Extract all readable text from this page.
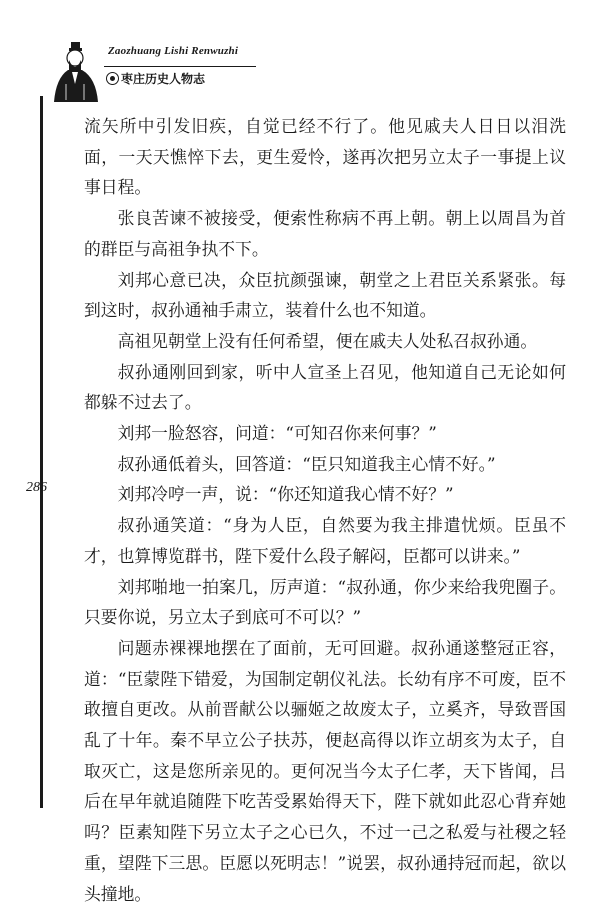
Zaozhuang Lishi Renwuzhi
枣庄历史人物志
286

流矢所中引发旧疾，自觉已经不行了。他见戚夫人日日以泪洗面，一天天憔悴下去，更生爱怜，遂再次把另立太子一事提上议事日程。

张良苦谏不被接受，便索性称病不再上朝。朝上以周昌为首的群臣与高祖争执不下。

刘邦心意已决，众臣抗颜强谏，朝堂之上君臣关系紧张。每到这时，叔孙通袖手肃立，装着什么也不知道。

高祖见朝堂上没有任何希望，便在戚夫人处私召叔孙通。

叔孙通刚回到家，听中人宣圣上召见，他知道自己无论如何都躲不过去了。

刘邦一脸怒容，问道：“可知召你来何事？”

叔孙通低着头，回答道：“臣只知道我主心情不好。”

刘邦冷哼一声，说：“你还知道我心情不好？”

叔孙通笑道：“身为人臣，自然要为我主排遣忧烦。臣虽不才，也算博览群书，陛下爱什么段子解闷，臣都可以讲来。”

刘邦啪地一拍案几，厉声道：“叔孙通，你少来给我兜圈子。只要你说，另立太子到底可不可以？”

问题赤裸裸地摆在了面前，无可回避。叔孙通遂整冠正容，道：“臣蒙陛下错爱，为国制定朝仪礼法。长幼有序不可废，臣不敢擅自更改。从前晋献公以骊姬之故废太子，立奚齐，导致晋国乱了十年。秦不早立公子扶苏，便赵高得以诈立胡亥为太子，自取灭亡，这是您所亲见的。更何况当今太子仁孝，天下皆闻，吕后在早年就追随陛下吃苦受累始得天下，陛下就如此忍心背弃她吗？臣素知陛下另立太子之心已久，不过一己之私爱与社稷之轻重，望陛下三思。臣愿以死明志！”说罢，叔孙通持冠而起，欲以头撞地。
